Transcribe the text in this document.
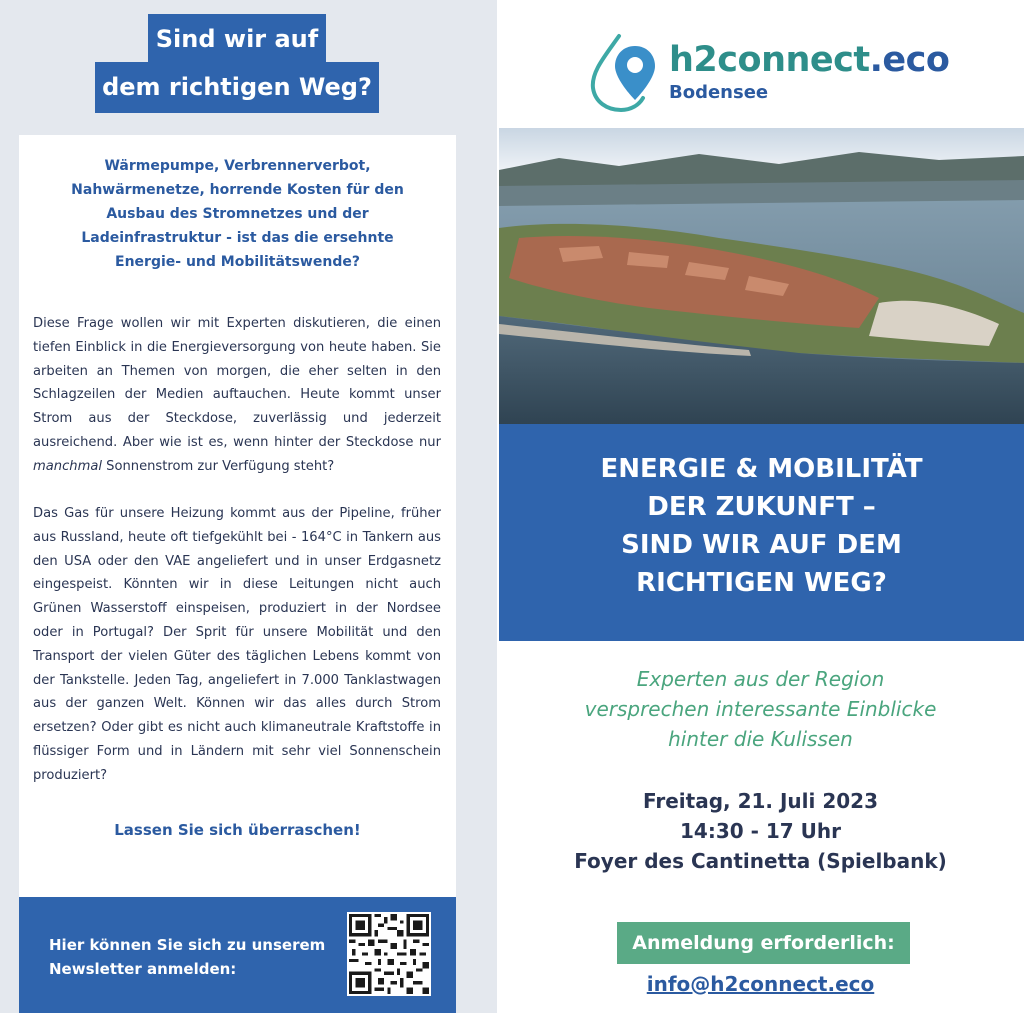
Sind wir auf
dem richtigen Weg?
Wärmepumpe, Verbrennerverbot, Nahwärmenetze, horrende Kosten für den Ausbau des Stromnetzes und der Ladeinfrastruktur - ist das die ersehnte Energie- und Mobilitätswende?
Diese Frage wollen wir mit Experten diskutieren, die einen tiefen Einblick in die Energieversorgung von heute haben. Sie arbeiten an Themen von morgen, die eher selten in den Schlagzeilen der Medien auftauchen. Heute kommt unser Strom aus der Steckdose, zuverlässig und jederzeit ausreichend. Aber wie ist es, wenn hinter der Steckdose nur manchmal Sonnenstrom zur Verfügung steht?
Das Gas für unsere Heizung kommt aus der Pipeline, früher aus Russland, heute oft tiefgekühlt bei - 164°C in Tankern aus den USA oder den VAE angeliefert und in unser Erdgasnetz eingespeist. Könnten wir in diese Leitungen nicht auch Grünen Wasserstoff einspeisen, produziert in der Nordsee oder in Portugal? Der Sprit für unsere Mobilität und den Transport der vielen Güter des täglichen Lebens kommt von der Tankstelle. Jeden Tag, angeliefert in 7.000 Tanklastwagen aus der ganzen Welt. Können wir das alles durch Strom ersetzen? Oder gibt es nicht auch klimaneutrale Kraftstoffe in flüssiger Form und in Ländern mit sehr viel Sonnenschein produziert?
Lassen Sie sich überraschen!
Hier können Sie sich zu unserem
Newsletter anmelden:
h2connect.eco
Bodensee
ENERGIE & MOBILITÄT
DER ZUKUNFT –
SIND WIR AUF DEM
RICHTIGEN WEG?
Experten aus der Region
versprechen interessante Einblicke
hinter die Kulissen
Freitag, 21. Juli 2023
14:30 - 17 Uhr
Foyer des Cantinetta (Spielbank)
Anmeldung erforderlich:
info@h2connect.eco
